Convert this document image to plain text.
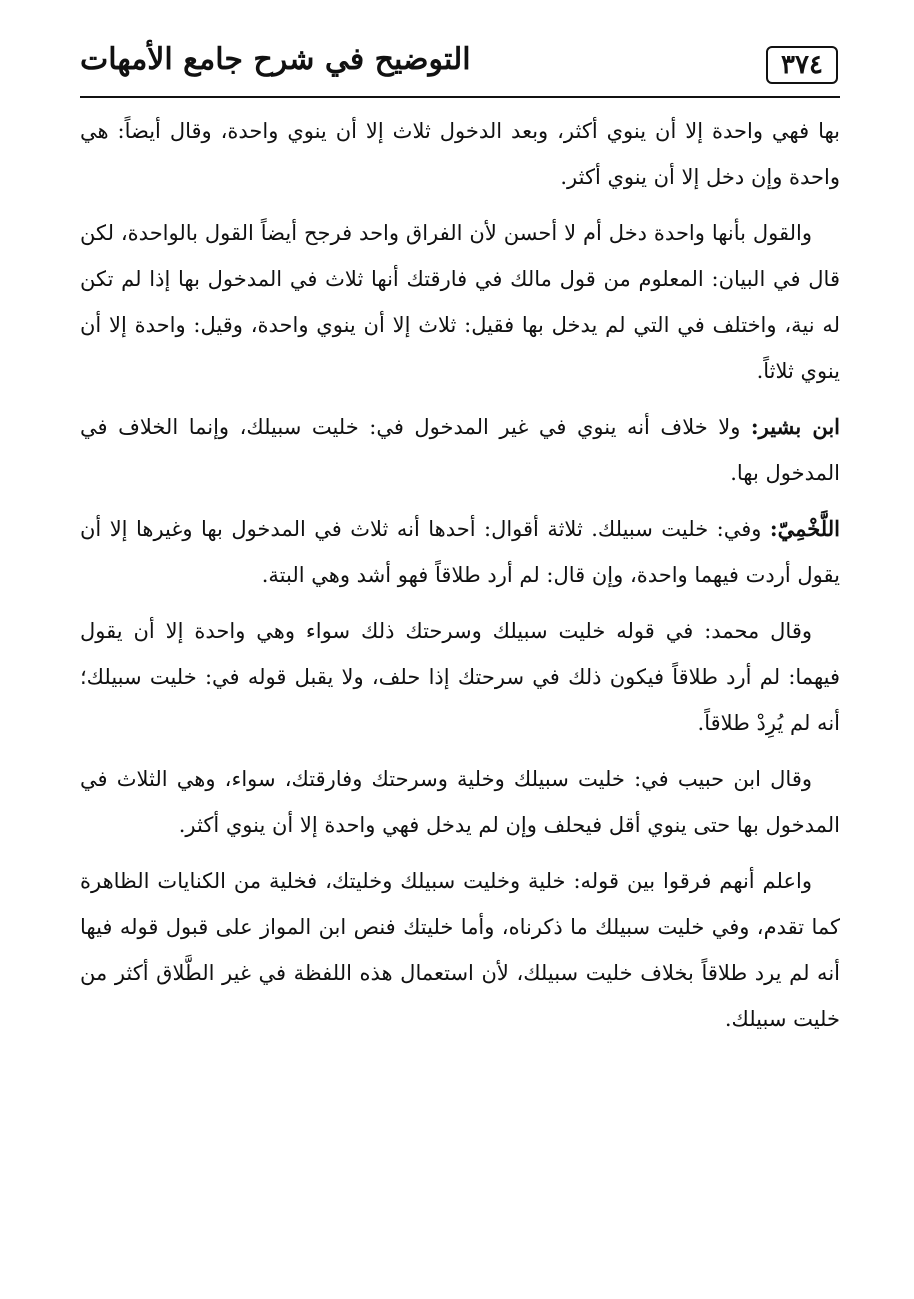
٣٧٤
التوضيح في شرح جامع الأمهات

بها فهي واحدة إلا أن ينوي أكثر، وبعد الدخول ثلاث إلا أن ينوي واحدة، وقال أيضاً: هي واحدة وإن دخل إلا أن ينوي أكثر.

والقول بأنها واحدة دخل أم لا أحسن لأن الفراق واحد فرجح أيضاً القول بالواحدة، لكن قال في البيان: المعلوم من قول مالك في فارقتك أنها ثلاث في المدخول بها إذا لم تكن له نية، واختلف في التي لم يدخل بها فقيل: ثلاث إلا أن ينوي واحدة، وقيل: واحدة إلا أن ينوي ثلاثاً.

ابن بشير: ولا خلاف أنه ينوي في غير المدخول في: خليت سبيلك، وإنما الخلاف في المدخول بها.

اللَّخْمِيّ: وفي: خليت سبيلك. ثلاثة أقوال: أحدها أنه ثلاث في المدخول بها وغيرها إلا أن يقول أردت فيهما واحدة، وإن قال: لم أرد طلاقاً فهو أشد وهي البتة.

وقال محمد: في قوله خليت سبيلك وسرحتك ذلك سواء وهي واحدة إلا أن يقول فيهما: لم أرد طلاقاً فيكون ذلك في سرحتك إذا حلف، ولا يقبل قوله في: خليت سبيلك؛ أنه لم يُرِدْ طلاقاً.

وقال ابن حبيب في: خليت سبيلك وخلية وسرحتك وفارقتك، سواء، وهي الثلاث في المدخول بها حتى ينوي أقل فيحلف وإن لم يدخل فهي واحدة إلا أن ينوي أكثر.

واعلم أنهم فرقوا بين قوله: خلية وخليت سبيلك وخليتك، فخلية من الكنايات الظاهرة كما تقدم، وفي خليت سبيلك ما ذكرناه، وأما خليتك فنص ابن المواز على قبول قوله فيها أنه لم يرد طلاقاً بخلاف خليت سبيلك، لأن استعمال هذه اللفظة في غير الطَّلاق أكثر من خليت سبيلك.
